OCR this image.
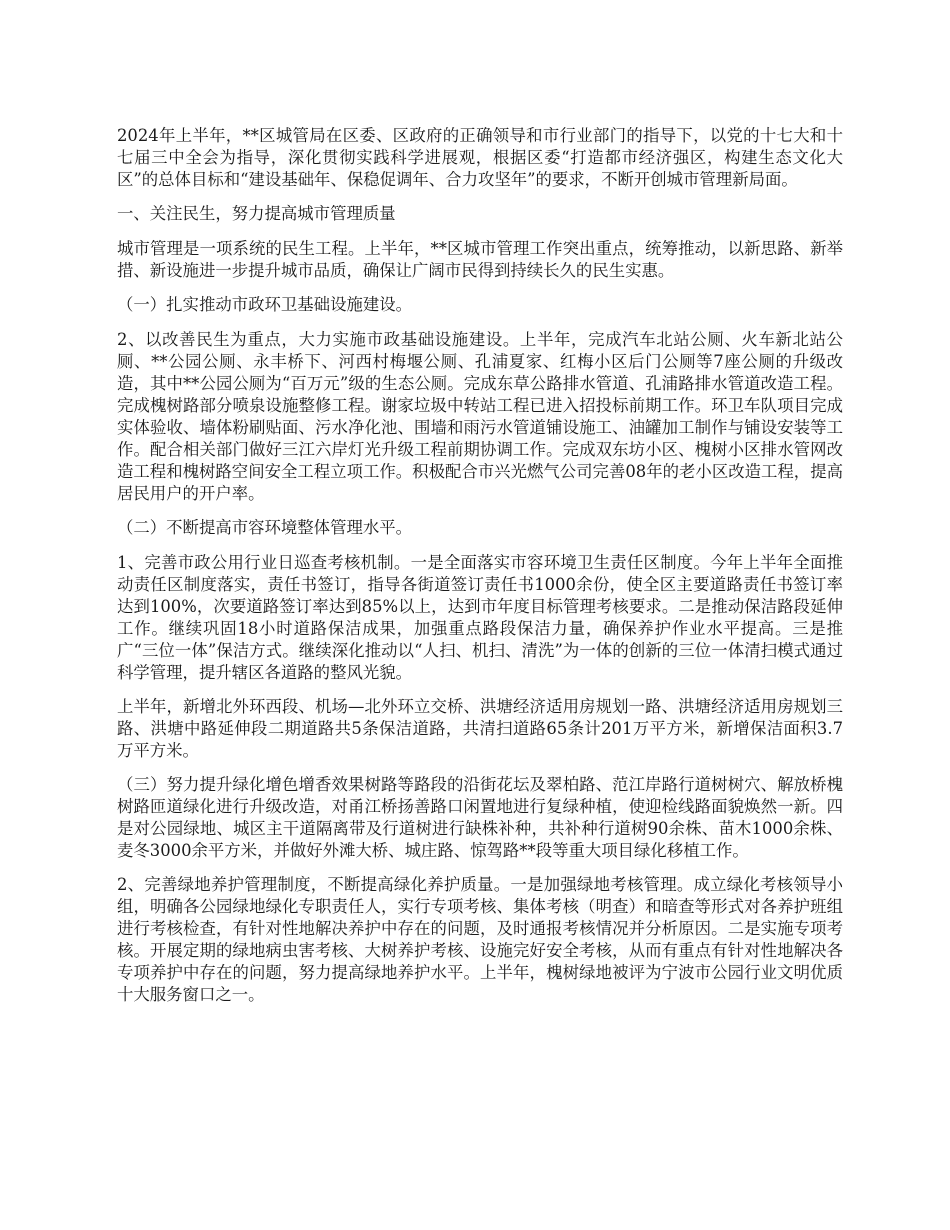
2024年上半年，**区城管局在区委、区政府的正确领导和市行业部门的指导下，以党的十七大和十七届三中全会为指导，深化贯彻实践科学进展观，根据区委“打造都市经济强区，构建生态文化大区”的总体目标和“建设基础年、保稳促调年、合力攻坚年”的要求，不断开创城市管理新局面。

一、关注民生，努力提高城市管理质量

城市管理是一项系统的民生工程。上半年，**区城市管理工作突出重点，统筹推动，以新思路、新举措、新设施进一步提升城市品质，确保让广阔市民得到持续长久的民生实惠。

（一）扎实推动市政环卫基础设施建设。

2、以改善民生为重点，大力实施市政基础设施建设。上半年，完成汽车北站公厕、火车新北站公厕、**公园公厕、永丰桥下、河西村梅堰公厕、孔浦夏家、红梅小区后门公厕等7座公厕的升级改造，其中**公园公厕为“百万元”级的生态公厕。完成东草公路排水管道、孔浦路排水管道改造工程。完成槐树路部分喷泉设施整修工程。谢家垃圾中转站工程已进入招投标前期工作。环卫车队项目完成实体验收、墙体粉刷贴面、污水净化池、围墙和雨污水管道铺设施工、油罐加工制作与铺设安装等工作。配合相关部门做好三江六岸灯光升级工程前期协调工作。完成双东坊小区、槐树小区排水管网改造工程和槐树路空间安全工程立项工作。积极配合市兴光燃气公司完善08年的老小区改造工程，提高居民用户的开户率。

（二）不断提高市容环境整体管理水平。

1、完善市政公用行业日巡查考核机制。一是全面落实市容环境卫生责任区制度。今年上半年全面推动责任区制度落实，责任书签订，指导各街道签订责任书1000余份，使全区主要道路责任书签订率达到100%，次要道路签订率达到85%以上，达到市年度目标管理考核要求。二是推动保洁路段延伸工作。继续巩固18小时道路保洁成果，加强重点路段保洁力量，确保养护作业水平提高。三是推广“三位一体”保洁方式。继续深化推动以“人扫、机扫、清洗”为一体的创新的三位一体清扫模式通过科学管理，提升辖区各道路的整风光貌。

上半年，新增北外环西段、机场—北外环立交桥、洪塘经济适用房规划一路、洪塘经济适用房规划三路、洪塘中路延伸段二期道路共5条保洁道路，共清扫道路65条计201万平方米，新增保洁面积3.7万平方米。

（三）努力提升绿化增色增香效果树路等路段的沿街花坛及翠柏路、范江岸路行道树树穴、解放桥槐树路匝道绿化进行升级改造，对甬江桥扬善路口闲置地进行复绿种植，使迎检线路面貌焕然一新。四是对公园绿地、城区主干道隔离带及行道树进行缺株补种，共补种行道树90余株、苗木1000余株、麦冬3000余平方米，并做好外滩大桥、城庄路、惊驾路**段等重大项目绿化移植工作。

2、完善绿地养护管理制度，不断提高绿化养护质量。一是加强绿地考核管理。成立绿化考核领导小组，明确各公园绿地绿化专职责任人，实行专项考核、集体考核（明查）和暗查等形式对各养护班组进行考核检查，有针对性地解决养护中存在的问题，及时通报考核情况并分析原因。二是实施专项考核。开展定期的绿地病虫害考核、大树养护考核、设施完好安全考核，从而有重点有针对性地解决各专项养护中存在的问题，努力提高绿地养护水平。上半年，槐树绿地被评为宁波市公园行业文明优质十大服务窗口之一。
